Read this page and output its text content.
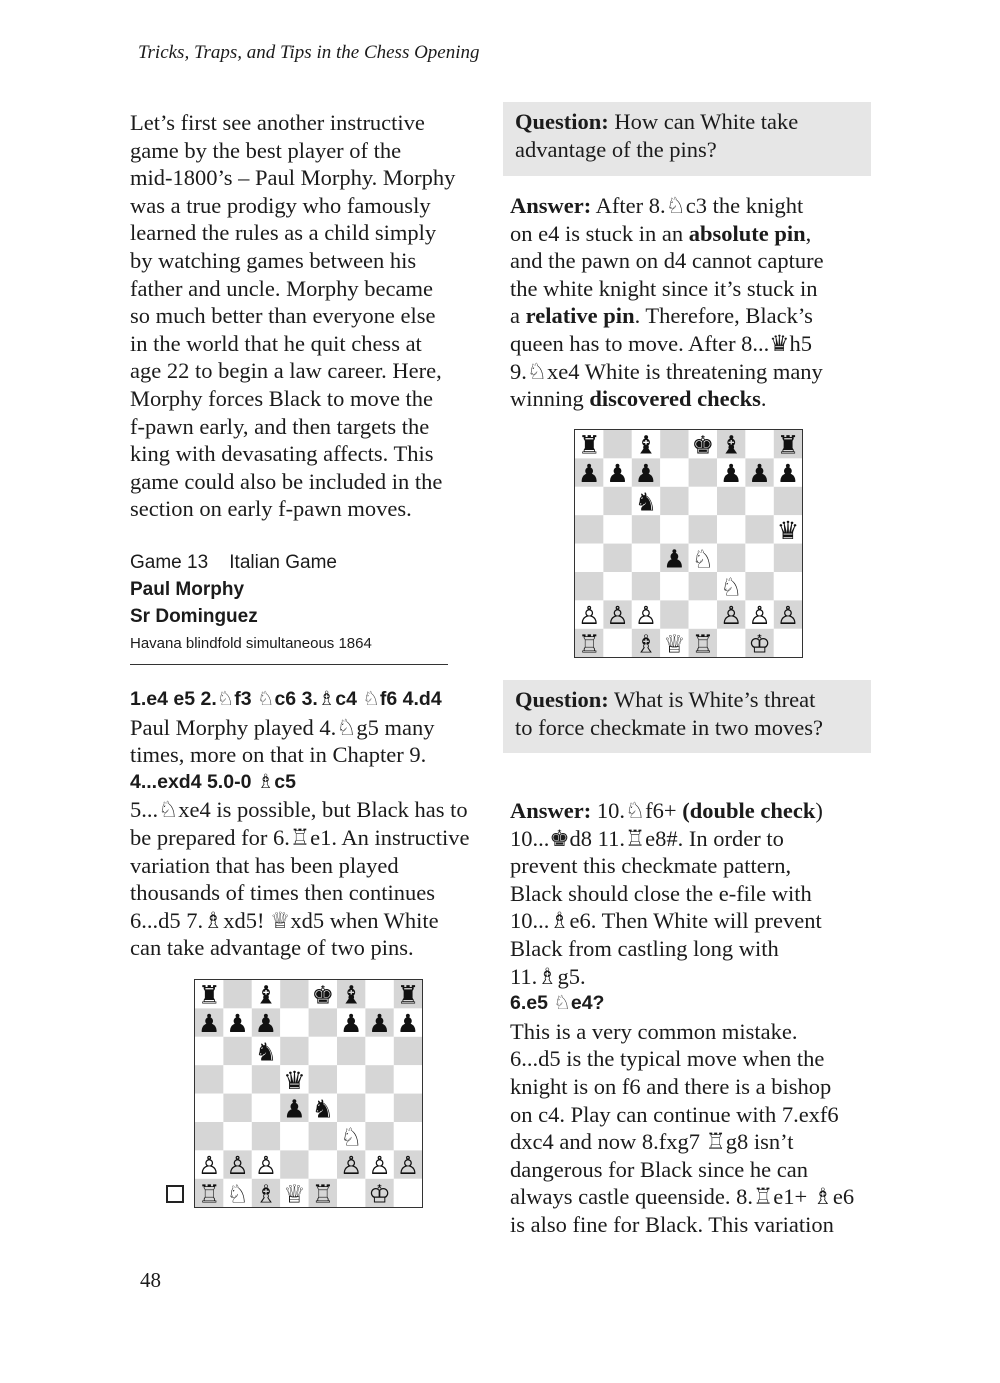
Tricks, Traps, and Tips in the Chess Opening
Let’s first see another instructive
game by the best player of the
mid-1800’s – Paul Morphy. Morphy
was a true prodigy who famously
learned the rules as a child simply
by watching games between his
father and uncle. Morphy became
so much better than everyone else
in the world that he quit chess at
age 22 to begin a law career. Here,
Morphy forces Black to move the
f-pawn early, and then targets the
king with devasating affects. This
game could also be included in the
section on early f-pawn moves.
Game 13    Italian Game
Paul Morphy
Sr Dominguez
Havana blindfold simultaneous 1864
1.e4 e5 2.♘f3 ♘c6 3.♗c4 ♘f6 4.d4
Paul Morphy played 4.♘g5 many
times, more on that in Chapter 9.
4...exd4 5.0-0 ♗c5
5...♘xe4 is possible, but Black has to
be prepared for 6.♖e1. An instructive
variation that has been played
thousands of times then continues
6...d5 7.♗xd5! ♕xd5 when White
can take advantage of two pins.
♜ ♝ ♚ ♝ ♜
♟ ♟ ♟	♟ ♟ ♟
♞
♛
♟ ♞
♘
♙ ♙ ♙	♙ ♙ ♙
♖ ♘ ♗ ♕ ♖ ♔
48
Question: How can White take
advantage of the pins?
Answer: After 8.♘c3 the knight
on e4 is stuck in an absolute pin,
and the pawn on d4 cannot capture
the white knight since it’s stuck in
a relative pin. Therefore, Black’s
queen has to move. After 8...♛h5
9.♘xe4 White is threatening many
winning discovered checks.
♜ ♝ ♚ ♝ ♜
♟ ♟ ♟	♟ ♟ ♟
♞
♛
♟ ♘
♘
♙ ♙ ♙	♙ ♙ ♙
♖ ♗ ♕ ♖ ♔
Question: What is White’s threat
to force checkmate in two moves?
Answer: 10.♘f6+ (double check)
10...♚d8 11.♖e8#. In order to
prevent this checkmate pattern,
Black should close the e-file with
10...♗e6. Then White will prevent
Black from castling long with
11.♗g5.
6.e5 ♘e4?
This is a very common mistake.
6...d5 is the typical move when the
knight is on f6 and there is a bishop
on c4. Play can continue with 7.exf6
dxc4 and now 8.fxg7 ♖g8 isn’t
dangerous for Black since he can
always castle queenside. 8.♖e1+ ♗e6
is also fine for Black. This variation
